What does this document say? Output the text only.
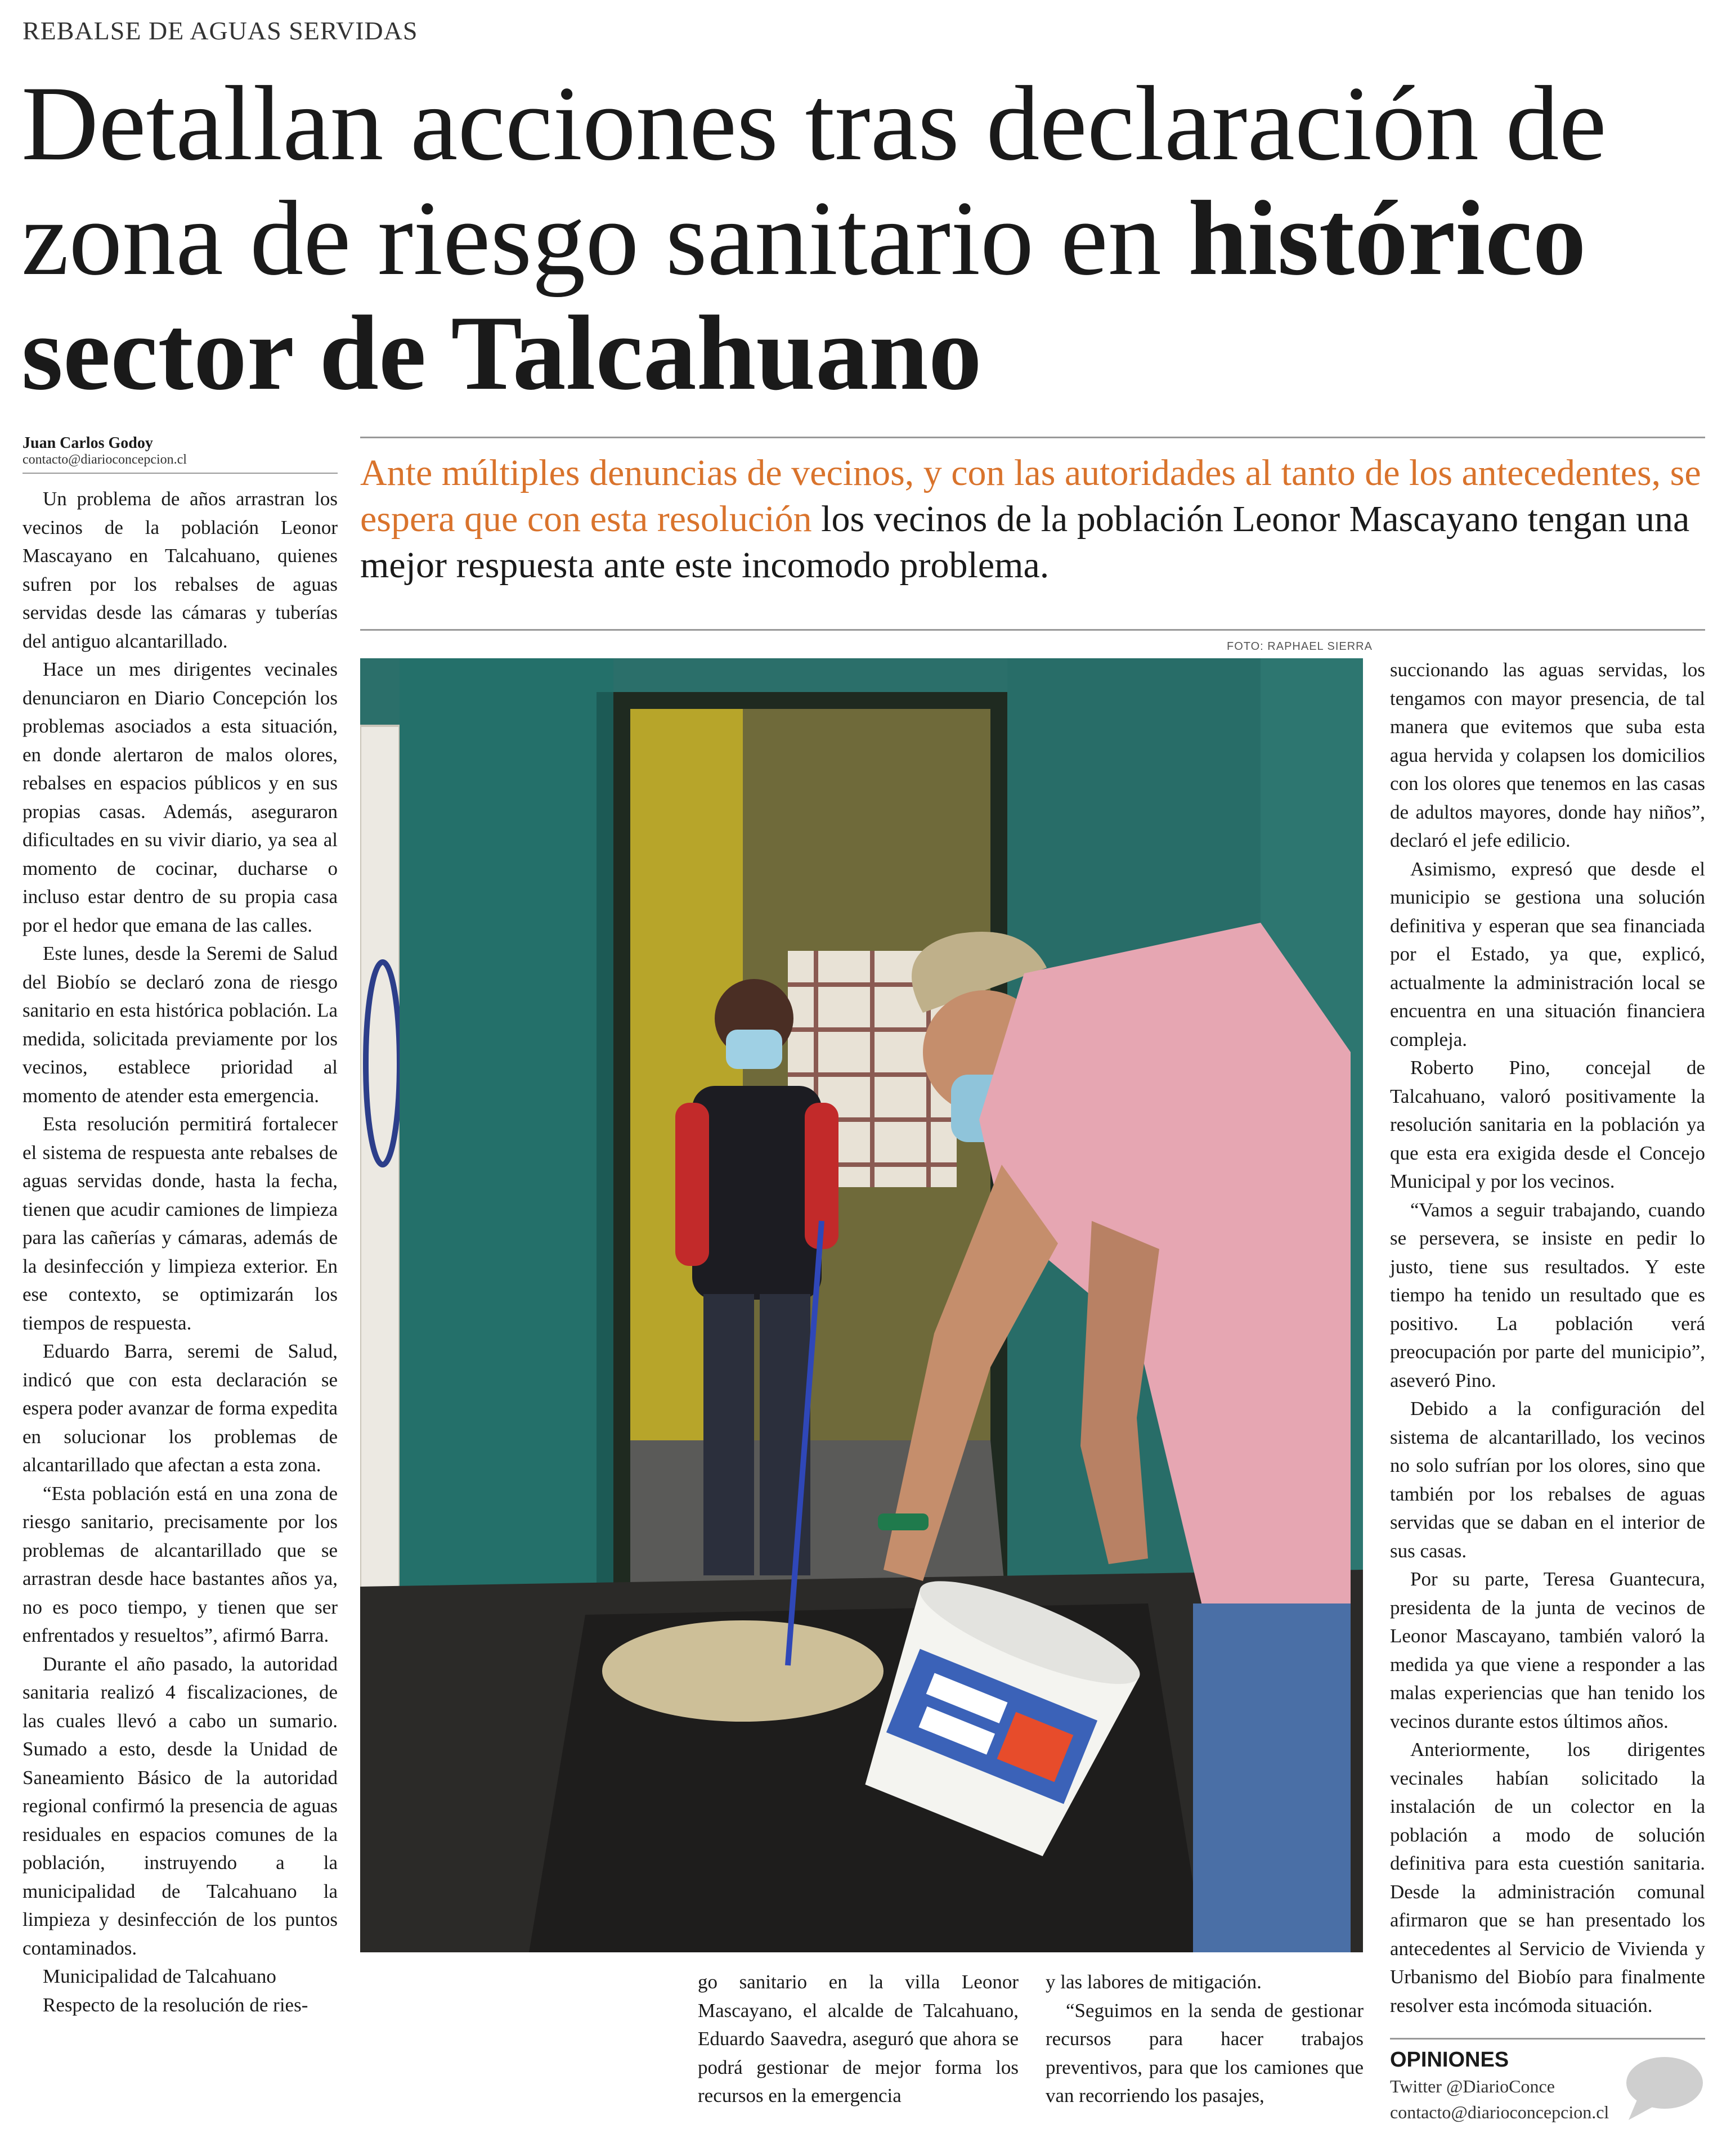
REBALSE DE AGUAS SERVIDAS
Detallan acciones tras declaración de
zona de riesgo sanitario en histórico
sector de Talcahuano
Juan Carlos Godoy
contacto@diarioconcepcion.cl	Ante múltiples denuncias de vecinos, y con las autoridades al tanto de los antecedentes, se espera que con esta resolución los vecinos de la población Leonor Mascayano tengan una mejor respuesta ante este incomodo problema.
FOTO: RAPHAEL SIERRA

Un problema de años arrastran los vecinos de la población Leonor Mascayano en Talcahuano, quienes sufren por los rebalses de aguas servidas desde las cámaras y tuberías del antiguo alcantarillado.

Hace un mes dirigentes vecinales denunciaron en Diario Concepción los problemas asociados a esta situación, en donde alertaron de malos olores, rebalses en espacios públicos y en sus propias casas. Además, aseguraron dificultades en su vivir diario, ya sea al momento de cocinar, ducharse o incluso estar dentro de su propia casa por el hedor que emana de las calles.

Este lunes, desde la Seremi de Salud del Biobío se declaró zona de riesgo sanitario en esta histórica población. La medida, solicitada previamente por los vecinos, establece prioridad al momento de atender esta emergencia.

Esta resolución permitirá fortalecer el sistema de respuesta ante rebalses de aguas servidas donde, hasta la fecha, tienen que acudir camiones de limpieza para las cañerías y cámaras, además de la desinfección y limpieza exterior. En ese contexto, se optimizarán los tiempos de respuesta.

Eduardo Barra, seremi de Salud, indicó que con esta declaración se espera poder avanzar de forma expedita en solucionar los problemas de alcantarillado que afectan a esta zona.

“Esta población está en una zona de riesgo sanitario, precisamente por los problemas de alcantarillado que se arrastran desde hace bastantes años ya, no es poco tiempo, y tienen que ser enfrentados y resueltos”, afirmó Barra.

Durante el año pasado, la autoridad sanitaria realizó 4 fiscalizaciones, de las cuales llevó a cabo un sumario. Sumado a esto, desde la Unidad de Saneamiento Básico de la autoridad regional confirmó la presencia de aguas residuales en espacios comunes de la población, instruyendo a la municipalidad de Talcahuano la limpieza y desinfección de los puntos contaminados.

Municipalidad de Talcahuano

Respecto de la resolución de ries-

go sanitario en la villa Leonor Mascayano, el alcalde de Talcahuano, Eduardo Saavedra, aseguró que ahora se podrá gestionar de mejor forma los recursos en la emergencia

y las labores de mitigación.

“Seguimos en la senda de gestionar recursos para hacer trabajos preventivos, para que los camiones que van recorriendo los pasajes,

succionando las aguas servidas, los tengamos con mayor presencia, de tal manera que evitemos que suba esta agua hervida y colapsen los domicilios con los olores que tenemos en las casas de adultos mayores, donde hay niños”, declaró el jefe edilicio.

Asimismo, expresó que desde el municipio se gestiona una solución definitiva y esperan que sea financiada por el Estado, ya que, explicó, actualmente la administración local se encuentra en una situación financiera compleja.

Roberto Pino, concejal de Talcahuano, valoró positivamente la resolución sanitaria en la población ya que esta era exigida desde el Concejo Municipal y por los vecinos.

“Vamos a seguir trabajando, cuando se persevera, se insiste en pedir lo justo, tiene sus resultados. Y este tiempo ha tenido un resultado que es positivo. La población verá preocupación por parte del municipio”, aseveró Pino.

Debido a la configuración del sistema de alcantarillado, los vecinos no solo sufrían por los olores, sino que también por los rebalses de aguas servidas que se daban en el interior de sus casas.

Por su parte, Teresa Guantecura, presidenta de la junta de vecinos de Leonor Mascayano, también valoró la medida ya que viene a responder a las malas experiencias que han tenido los vecinos durante estos últimos años.

Anteriormente, los dirigentes vecinales habían solicitado la instalación de un colector en la población a modo de solución definitiva para esta cuestión sanitaria. Desde la administración comunal afirmaron que se han presentado los antecedentes al Servicio de Vivienda y Urbanismo del Biobío para finalmente resolver esta incómoda situación.

OPINIONES
Twitter @DiarioConce
contacto@diarioconcepcion.cl
